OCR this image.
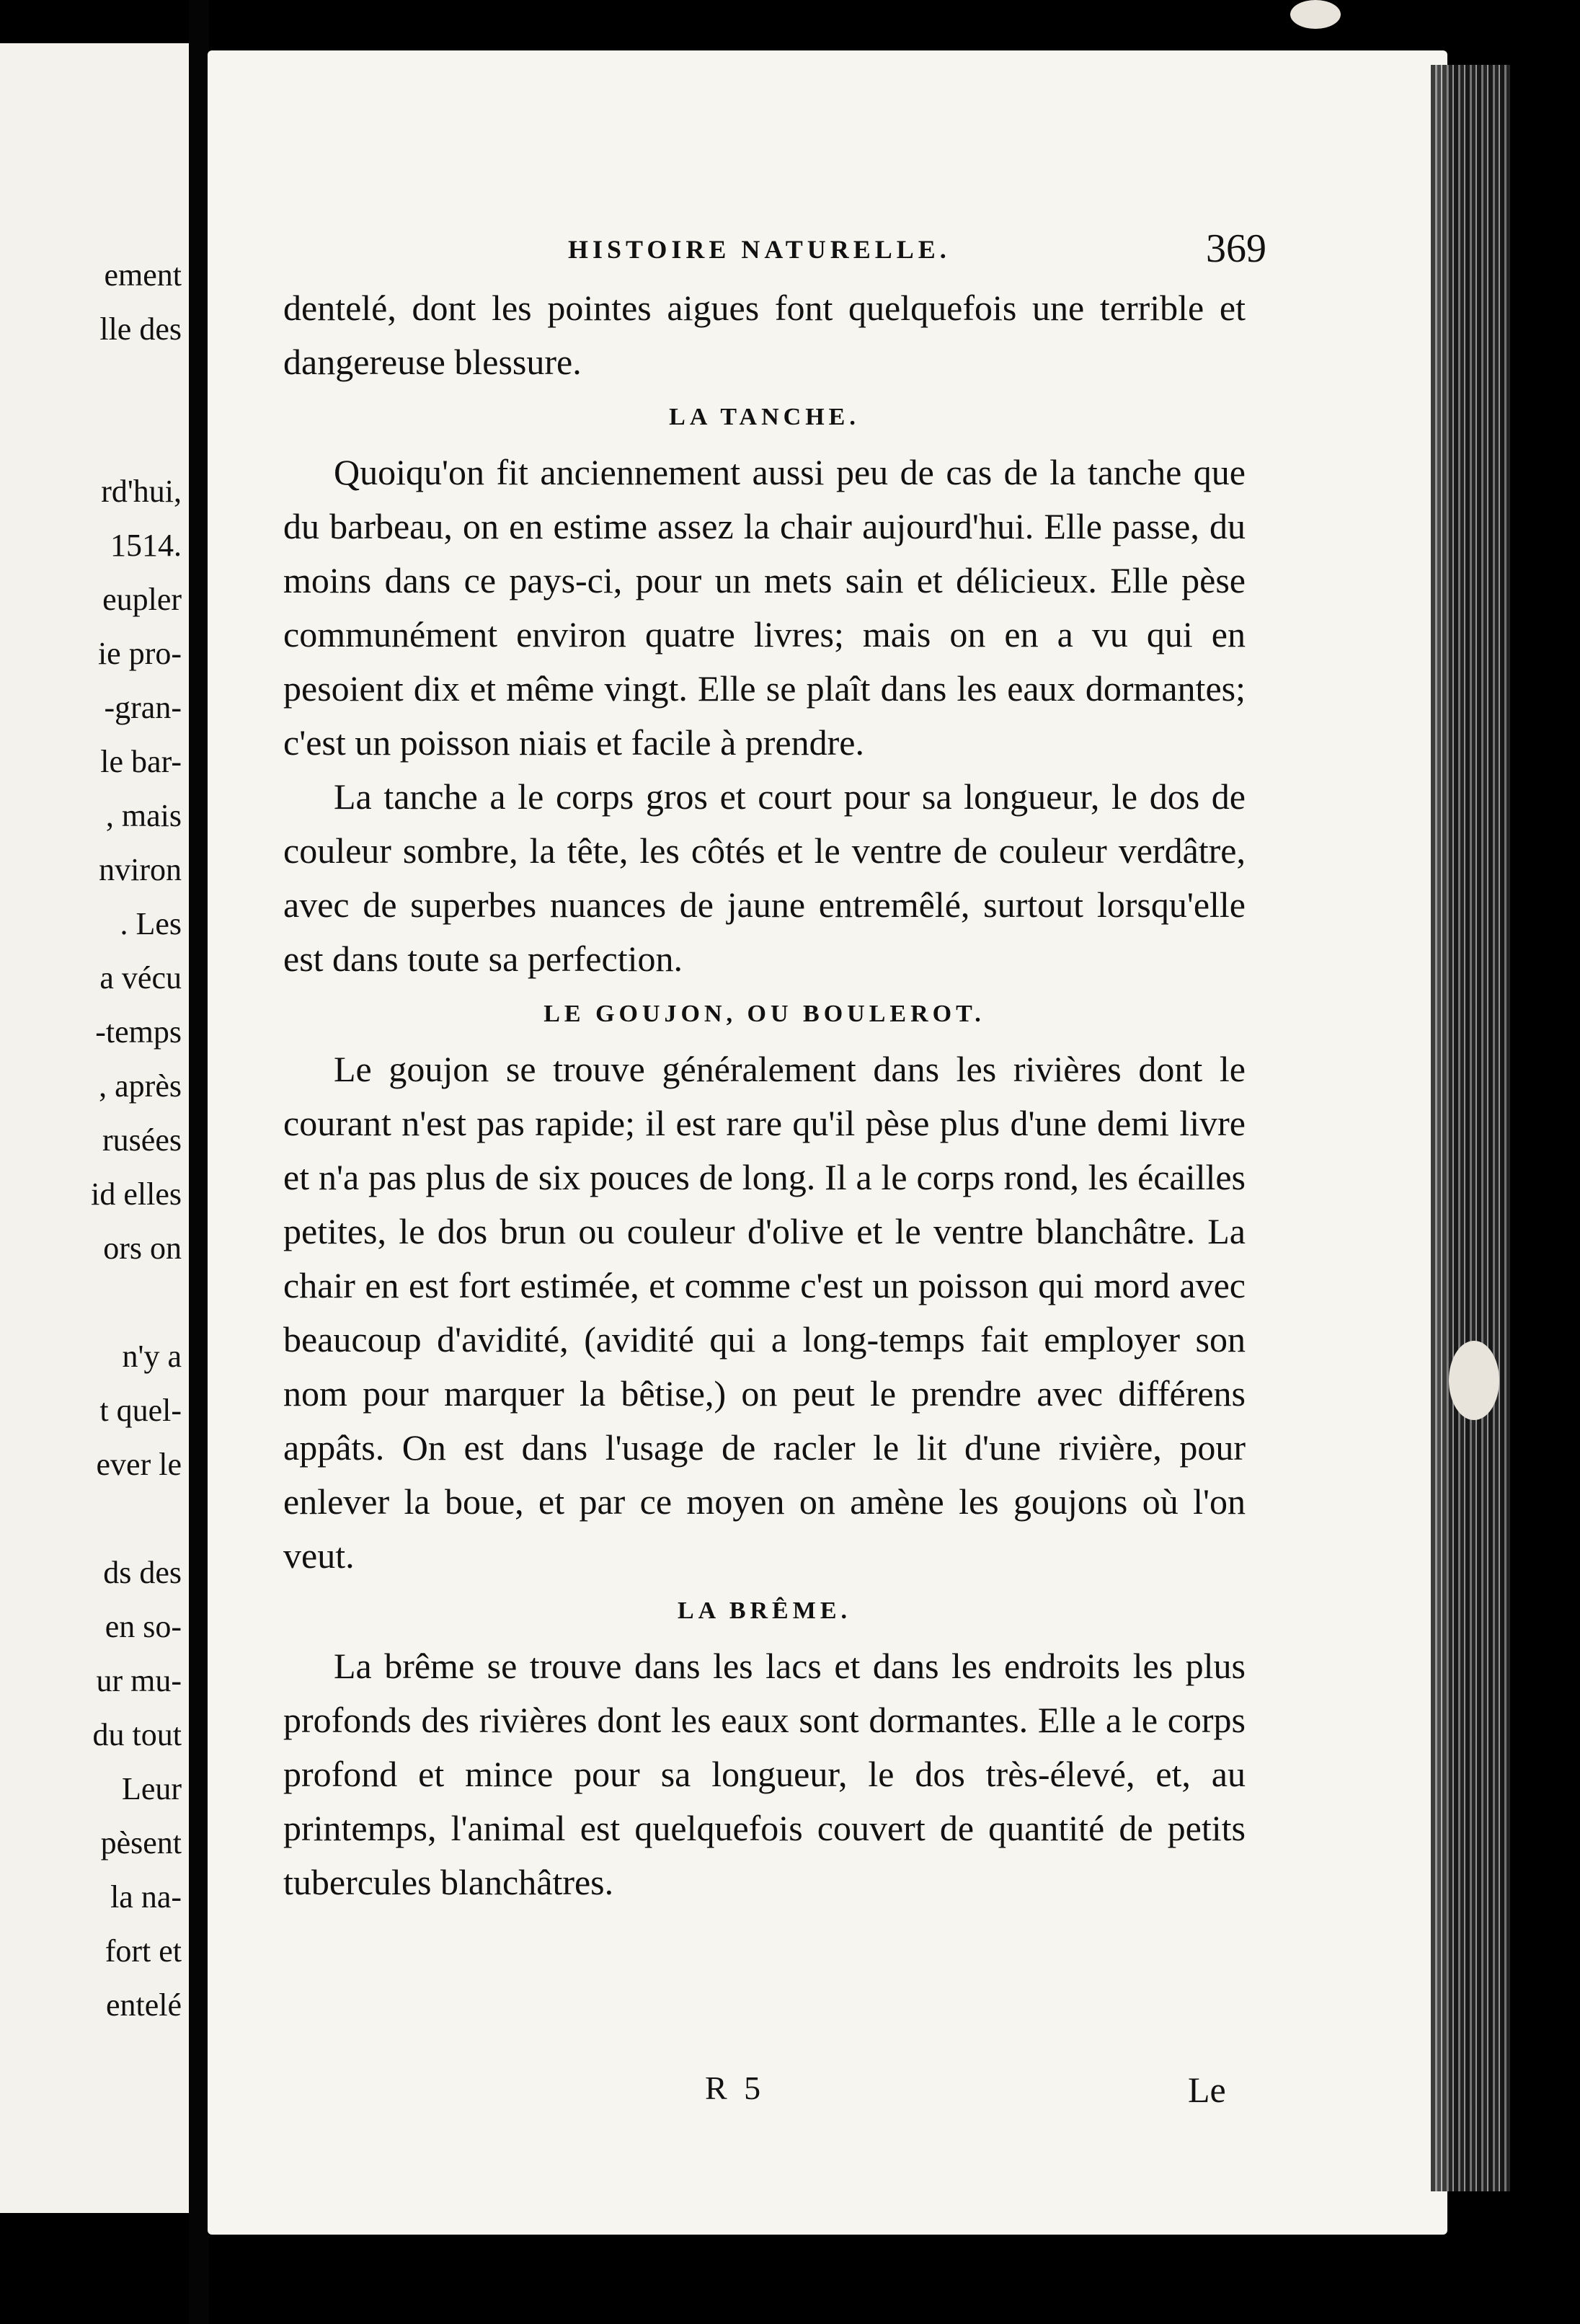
ement
lle des
rd'hui,
1514.
eupler
ie pro-
-gran-
le bar-
, mais
nviron
. Les
a vécu
-temps
, après
rusées
id elles
ors on
n'y a
t quel-
ever le
ds des
en so-
ur mu-
du tout
Leur
pèsent
la na-
fort et
entelé
HISTOIRE NATURELLE.	369

dentelé, dont les pointes aigues font quelquefois une terrible et dangereuse blessure.

LA TANCHE.

Quoiqu'on fit anciennement aussi peu de cas de la tanche que du barbeau, on en estime assez la chair aujourd'hui. Elle passe, du moins dans ce pays-ci, pour un mets sain et délicieux. Elle pèse communément environ quatre livres; mais on en a vu qui en pesoient dix et même vingt. Elle se plaît dans les eaux dormantes; c'est un poisson niais et facile à prendre.

La tanche a le corps gros et court pour sa longueur, le dos de couleur sombre, la tête, les côtés et le ventre de couleur verdâtre, avec de superbes nuances de jaune entremêlé, surtout lorsqu'elle est dans toute sa perfection.

LE GOUJON, OU BOULEROT.

Le goujon se trouve généralement dans les rivières dont le courant n'est pas rapide; il est rare qu'il pèse plus d'une demi livre et n'a pas plus de six pouces de long. Il a le corps rond, les écailles petites, le dos brun ou couleur d'olive et le ventre blanchâtre. La chair en est fort estimée, et comme c'est un poisson qui mord avec beaucoup d'avidité, (avidité qui a long-temps fait employer son nom pour marquer la bêtise,) on peut le prendre avec différens appâts. On est dans l'usage de racler le lit d'une rivière, pour enlever la boue, et par ce moyen on amène les goujons où l'on veut.

LA BRÊME.

La brême se trouve dans les lacs et dans les endroits les plus profonds des rivières dont les eaux sont dormantes. Elle a le corps profond et mince pour sa longueur, le dos très-élevé, et, au printemps, l'animal est quelquefois couvert de quantité de petits tubercules blanchâtres.

R 5	Le
